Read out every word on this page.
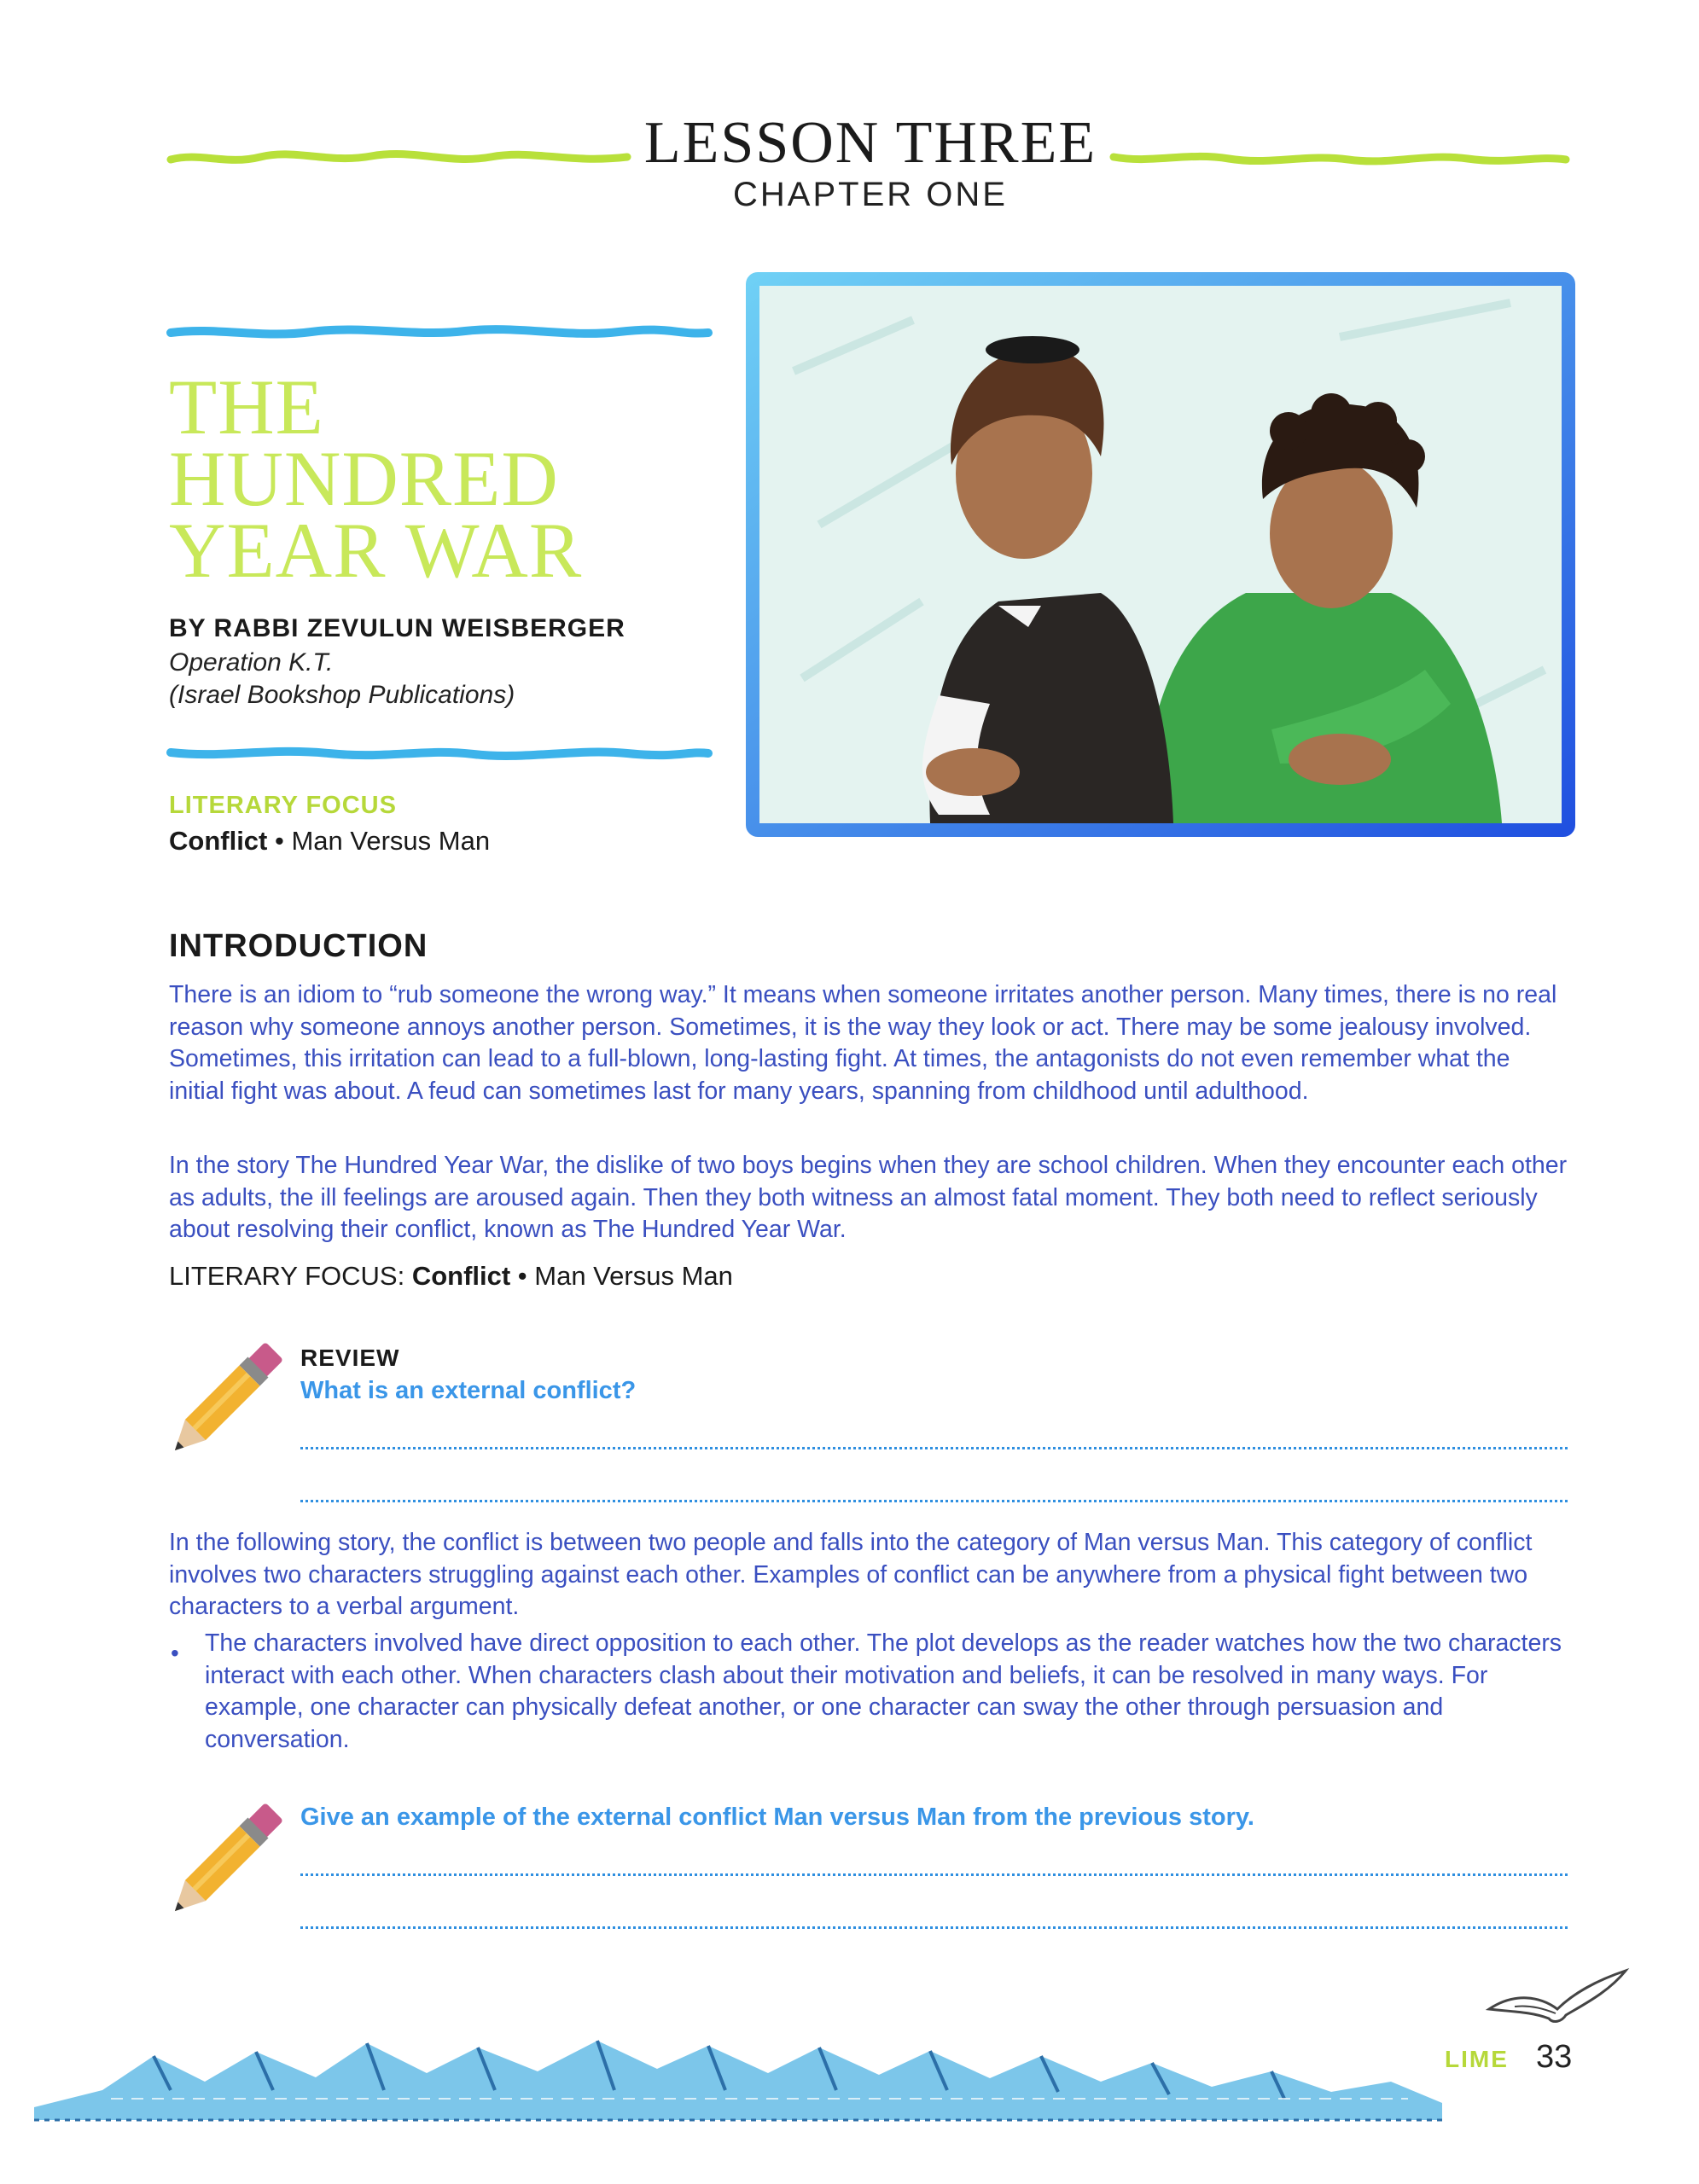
LESSON THREE
CHAPTER ONE
THE
HUNDRED
YEAR WAR
BY RABBI ZEVULUN WEISBERGER
Operation K.T.
(Israel Bookshop Publications)
LITERARY FOCUS
Conflict • Man Versus Man
INTRODUCTION

There is an idiom to “rub someone the wrong way.” It means when someone irritates another person. Many times, there is no real reason why someone annoys another person. Sometimes, it is the way they look or act. There may be some jealousy involved. Sometimes, this irritation can lead to a full-blown, long-lasting fight. At times, the antagonists do not even remember what the initial fight was about. A feud can sometimes last for many years, spanning from childhood until adulthood.

In the story The Hundred Year War, the dislike of two boys begins when they are school children. When they encounter each other as adults, the ill feelings are aroused again. Then they both witness an almost fatal moment. They both need to reflect seriously about resolving their conflict, known as The Hundred Year War.

LITERARY FOCUS: Conflict • Man Versus Man
REVIEW
What is an external conflict?

In the following story, the conflict is between two people and falls into the category of Man versus Man. This category of conflict involves two characters struggling against each other. Examples of conflict can be anywhere from a physical fight between two characters to a verbal argument.

• The characters involved have direct opposition to each other. The plot develops as the reader watches how the two characters interact with each other. When characters clash about their motivation and beliefs, it can be resolved in many ways. For example, one character can physically defeat another, or one character can sway the other through persuasion and conversation.

Give an example of the external conflict Man versus Man from the previous story.
LIME 33
